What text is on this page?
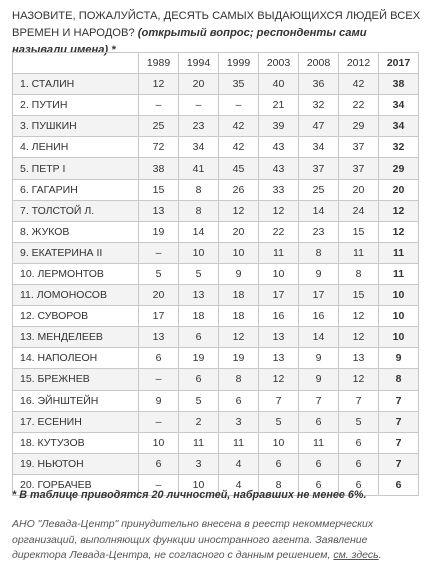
НАЗОВИТЕ, ПОЖАЛУЙСТА, ДЕСЯТЬ САМЫХ ВЫДАЮЩИХСЯ ЛЮДЕЙ ВСЕХ ВРЕМЕН И НАРОДОВ? (открытый вопрос; респонденты сами называли имена) *
	1989	1994	1999	2003	2008	2012	2017
1. СТАЛИН	12	20	35	40	36	42	38
2. ПУТИН	–	–	–	21	32	22	34
3. ПУШКИН	25	23	42	39	47	29	34
4. ЛЕНИН	72	34	42	43	34	37	32
5. ПЕТР I	38	41	45	43	37	37	29
6. ГАГАРИН	15	8	26	33	25	20	20
7. ТОЛСТОЙ Л.	13	8	12	12	14	24	12
8. ЖУКОВ	19	14	20	22	23	15	12
9. ЕКАТЕРИНА II	–	10	10	11	8	11	11
10. ЛЕРМОНТОВ	5	5	9	10	9	8	11
11. ЛОМОНОСОВ	20	13	18	17	17	15	10
12. СУВОРОВ	17	18	18	16	16	12	10
13. МЕНДЕЛЕЕВ	13	6	12	13	14	12	10
14. НАПОЛЕОН	6	19	19	13	9	13	9
15. БРЕЖНЕВ	–	6	8	12	9	12	8
16. ЭЙНШТЕЙН	9	5	6	7	7	7	7
17. ЕСЕНИН	–	2	3	5	6	5	7
18. КУТУЗОВ	10	11	11	10	11	6	7
19. НЬЮТОН	6	3	4	6	6	6	7
20. ГОРБАЧЕВ	–	10	4	8	6	6	6
* В таблице приводятся 20 личностей, набравших не менее 6%.
АНО "Левада-Центр" принудительно внесена в реестр некоммерческих организаций, выполняющих функции иностранного агента. Заявление директора Левада-Центра, не согласного с данным решением, см. здесь.
